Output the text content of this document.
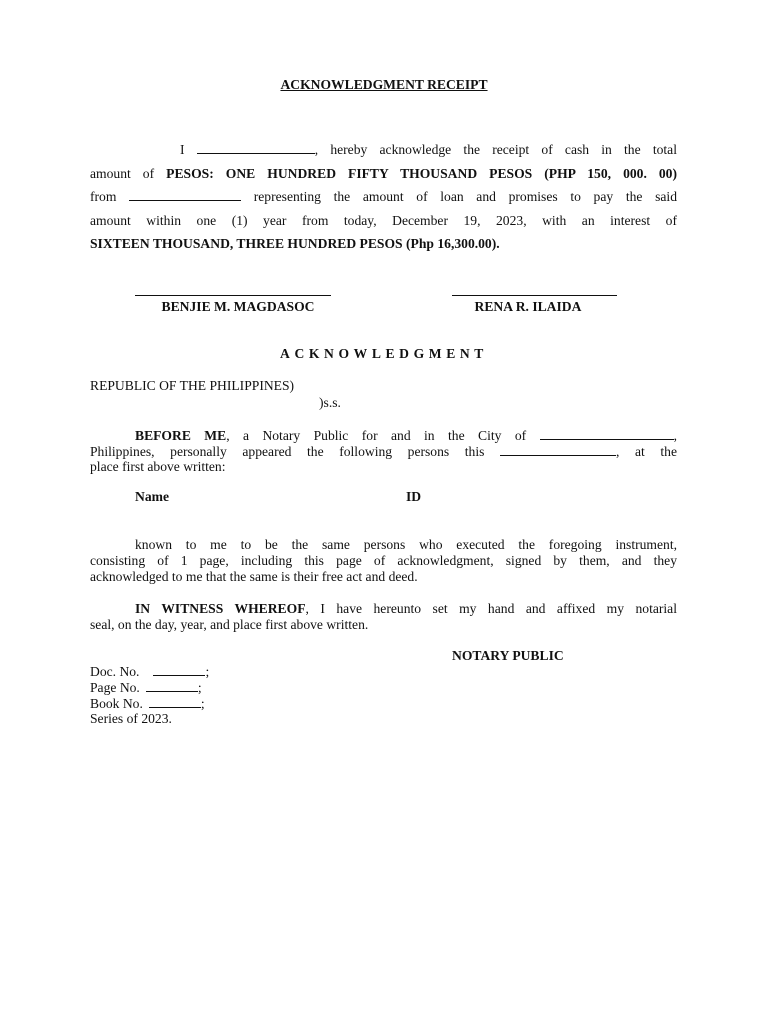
ACKNOWLEDGMENT RECEIPT
I	, hereby acknowledge the receipt of cash in the total
amount of PESOS: ONE HUNDRED FIFTY THOUSAND PESOS (PHP 150, 000. 00)
from	representing the amount of loan and promises to pay the said
amount within one (1) year from today, December 19, 2023, with an interest of
SIXTEEN THOUSAND, THREE HUNDRED PESOS (Php 16,300.00).
BENJIE M. MAGDASOC	RENA R. ILAIDA
ACKNOWLEDGMENT
REPUBLIC OF THE PHILIPPINES)
)s.s.
BEFORE ME, a Notary Public for and in the City of	,
Philippines, personally appeared the following persons this	, at the
place first above written:
Name	ID
known to me to be the same persons who executed the foregoing instrument,
consisting of 1 page, including this page of acknowledgment, signed by them, and they
acknowledged to me that the same is their free act and deed.
IN WITNESS WHEREOF, I have hereunto set my hand and affixed my notarial
seal, on the day, year, and place first above written.
NOTARY PUBLIC
Doc. No.	;
Page No.	;
Book No.	;
Series of 2023.
